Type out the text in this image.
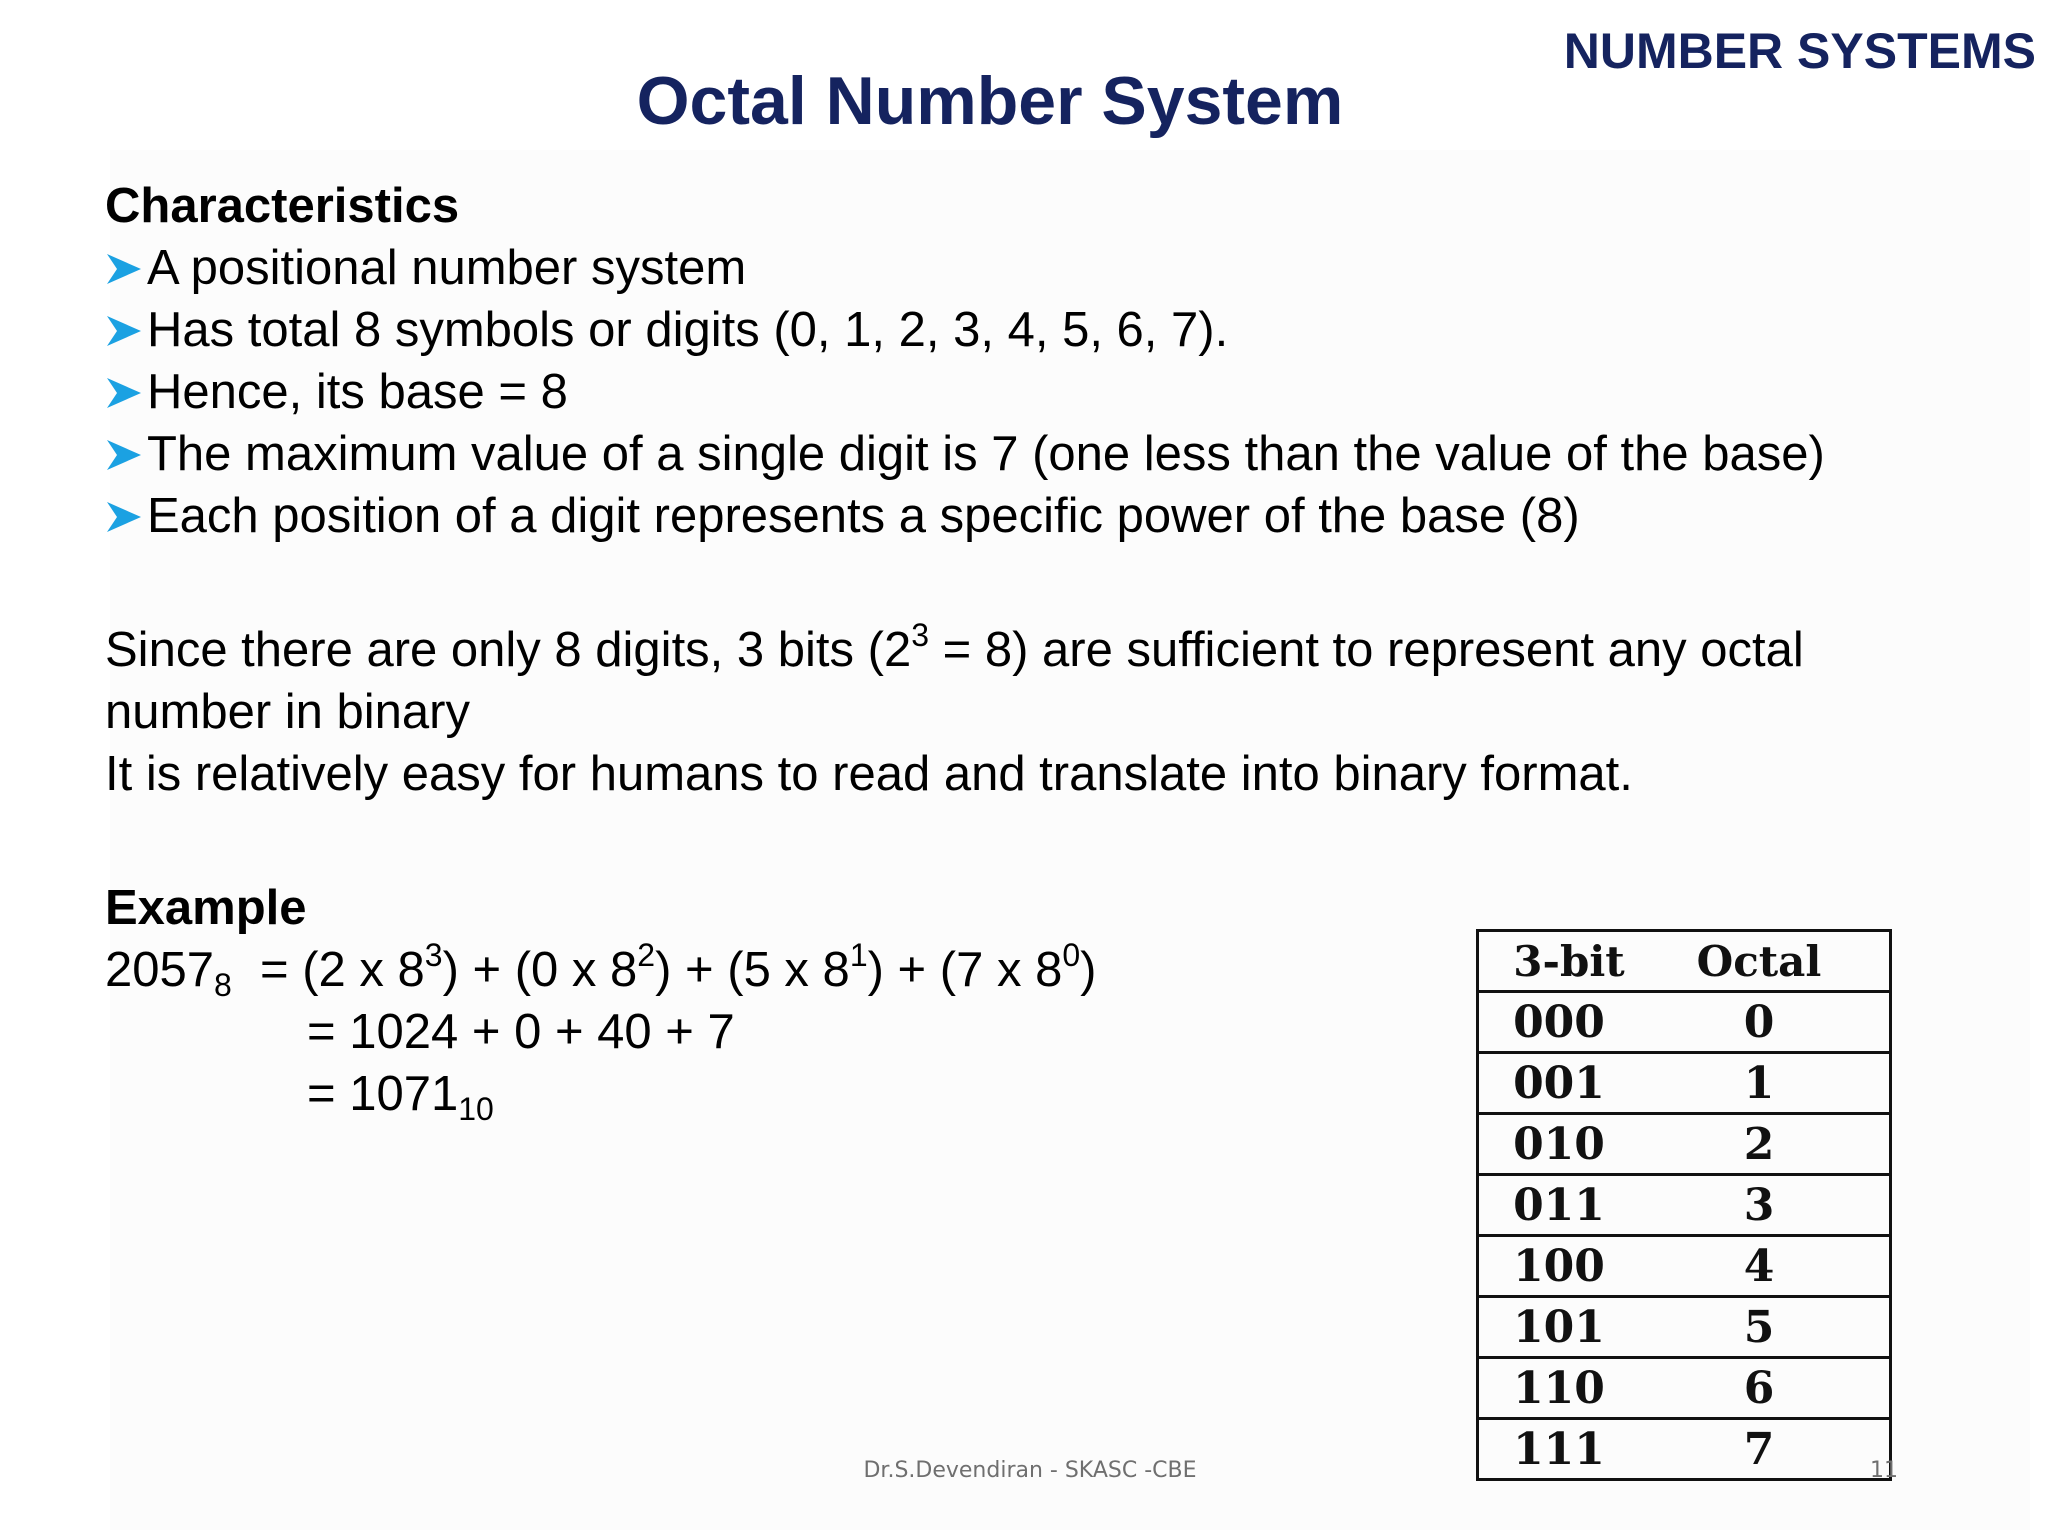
NUMBER SYSTEMS
Octal Number System
Characteristics
A positional number system
Has total 8 symbols or digits (0, 1, 2, 3, 4, 5, 6, 7).
Hence, its base = 8
The maximum value of a single digit is 7 (one less than the value of the base)
Each position of a digit represents a specific power of the base (8)
Since there are only 8 digits, 3 bits $(2^3 = 8)$ are sufficient to represent any octal
number in binary
It is relatively easy for humans to read and translate into binary format.
Example
$2057_8 = (2$ x $8^3) + (0$ x $8^2) + (5$ x $8^1) + (7$ x $8^0$)
= 1024 + 0 + 40 + 7
= $1071_{10}$
3-bit	Octal
000	0
001	1
010	2
011	3
100	4
101	5
110	6
111	7
Dr.S.Devendiran - SKASC -CBE	11
